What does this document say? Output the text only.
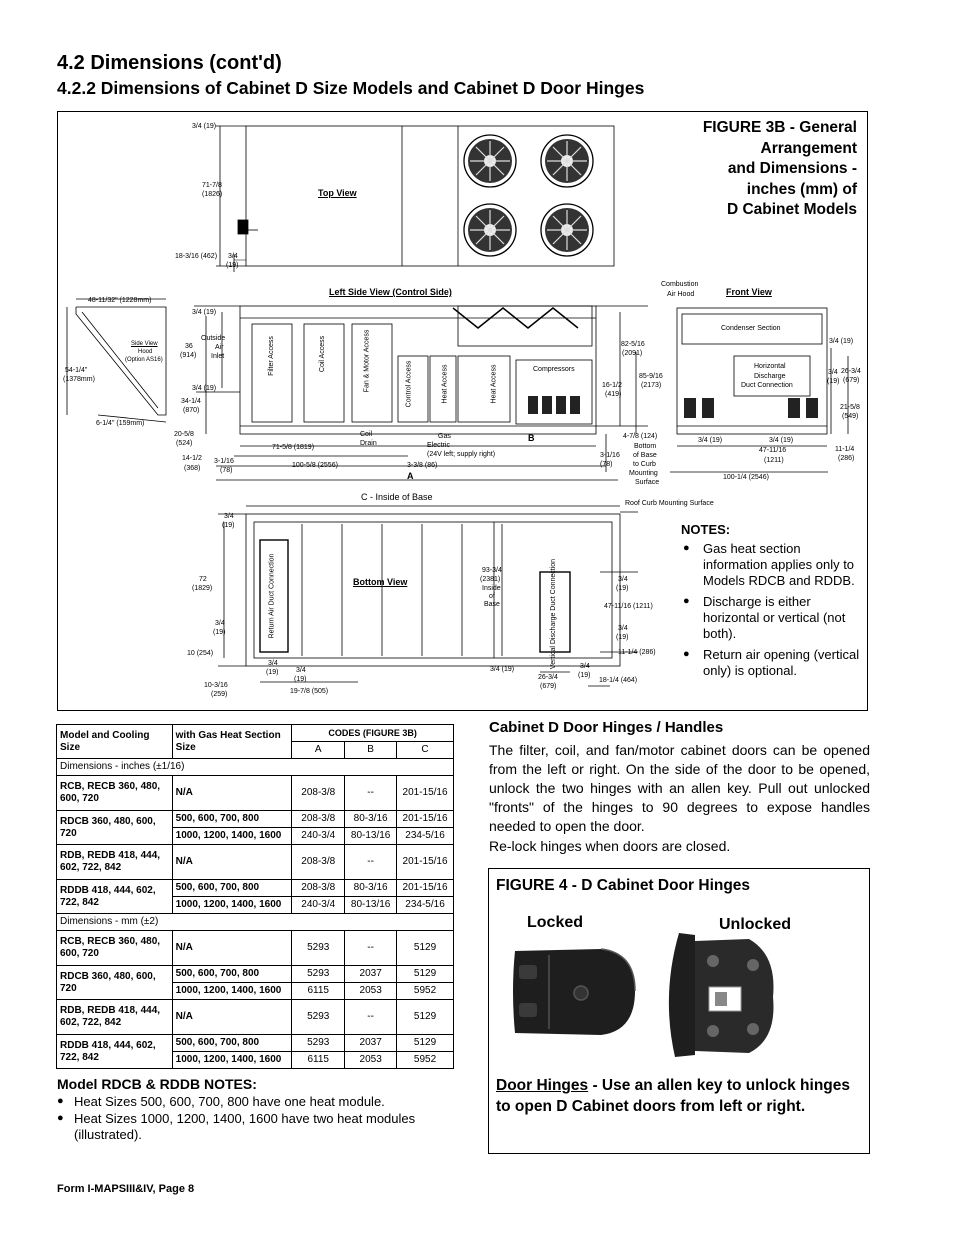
4.2 Dimensions (cont'd)
4.2.2 Dimensions of Cabinet D Size Models and Cabinet D Door Hinges
FIGURE 3B - General
Arrangement
and Dimensions -
inches (mm) of
D Cabinet Models
Top View
Left Side View (Control Side)	Front View
Bottom View
Side View
3/4 (19)
71-7/8
(1826)
18-3/16 (462) 3/4
(19)
48-11/32" (1228mm)
Hood
(Option AS16)
54-1/4"
(1378mm)
6-1/4" (159mm)
3/4 (19)
36
(914)
Outside
Air
Inlet
3/4 (19)
34-1/4
(870)
20-5/8
(524)
14-1/2
(368)
3-1/16
(78)
71-5/8 (1819)
100-5/8 (2556)	3-3/8 (86)
A
B
Coil
Drain
Gas
Electric
(24V left; supply right)
Filter Access	Coil Access	Fan & Motor Access	Control Access	Heat Access	Heat Access	Compressors
82-5/16
(2091)
85-9/16
(2173)
16-1/2
(419)
3-1/16
(78)
4-7/8 (124)
Bottom
of Base
to Curb
Mounting
Surface
Combustion
Air Hood
Condenser Section
Horizontal
Discharge
Duct Connection
3/4 (19)
3/4
(19)
26-3/4
(679)
21-5/8
(549)
3/4 (19)	3/4 (19)
47-11/16
(1211)
11-1/4
(286)
100-1/4 (2546)
C - Inside of Base
Roof Curb Mounting Surface
3/4
(19)
72
(1829)
3/4
(19)
10 (254)
Return Air Duct Connection	93-3/4
(2381)
Inside
of
Base	Vertical Discharge Duct Connection	3/4
(19)
47-11/16 (1211)
3/4
(19)
11-1/4 (286)
3/4
(19)	3/4
(19)
10-3/16
(259)	19-7/8 (505)
3/4 (19)
26-3/4
(679)
3/4
(19)
18-1/4 (464)
NOTES:
● Gas heat section information applies only to Models RDCB and RDDB.
● Discharge is either horizontal or vertical (not both).
● Return air opening (vertical only) is optional.
Model and Cooling Size	with Gas Heat Section Size	CODES (FIGURE 3B)		
		A	B	C
Dimensions - inches (±1/16)				
RCB, RECB 360, 480, 600, 720	N/A	208-3/8	--	201-15/16
RDCB 360, 480, 600, 720	500, 600, 700, 800	208-3/8	80-3/16	201-15/16
	1000, 1200, 1400, 1600	240-3/4	80-13/16	234-5/16
RDB, REDB 418, 444, 602, 722, 842	N/A	208-3/8	--	201-15/16
RDDB 418, 444, 602, 722, 842	500, 600, 700, 800	208-3/8	80-3/16	201-15/16
	1000, 1200, 1400, 1600	240-3/4	80-13/16	234-5/16
Dimensions - mm (±2)				
RCB, RECB 360, 480, 600, 720	N/A	5293	--	5129
RDCB 360, 480, 600, 720	500, 600, 700, 800	5293	2037	5129
	1000, 1200, 1400, 1600	6115	2053	5952
RDB, REDB 418, 444, 602, 722, 842	N/A	5293	--	5129
RDDB 418, 444, 602, 722, 842	500, 600, 700, 800	5293	2037	5129
	1000, 1200, 1400, 1600	6115	2053	5952
Model RDCB & RDDB NOTES:
● Heat Sizes 500, 600, 700, 800 have one heat module.
● Heat Sizes 1000, 1200, 1400, 1600 have two heat modules (illustrated).
Cabinet D Door Hinges / Handles
The filter, coil, and fan/motor cabinet doors can be opened from the left or right. On the side of the door to be opened, unlock the two hinges with an allen key. Pull out unlocked "fronts" of the hinges to 90 degrees to expose handles needed to open the door.
Re-lock hinges when doors are closed.
FIGURE 4 - D Cabinet Door Hinges
Locked	Unlocked
Door Hinges - Use an allen key to unlock hinges to open D Cabinet doors from left or right.
Form I-MAPSIII&IV, Page 8
